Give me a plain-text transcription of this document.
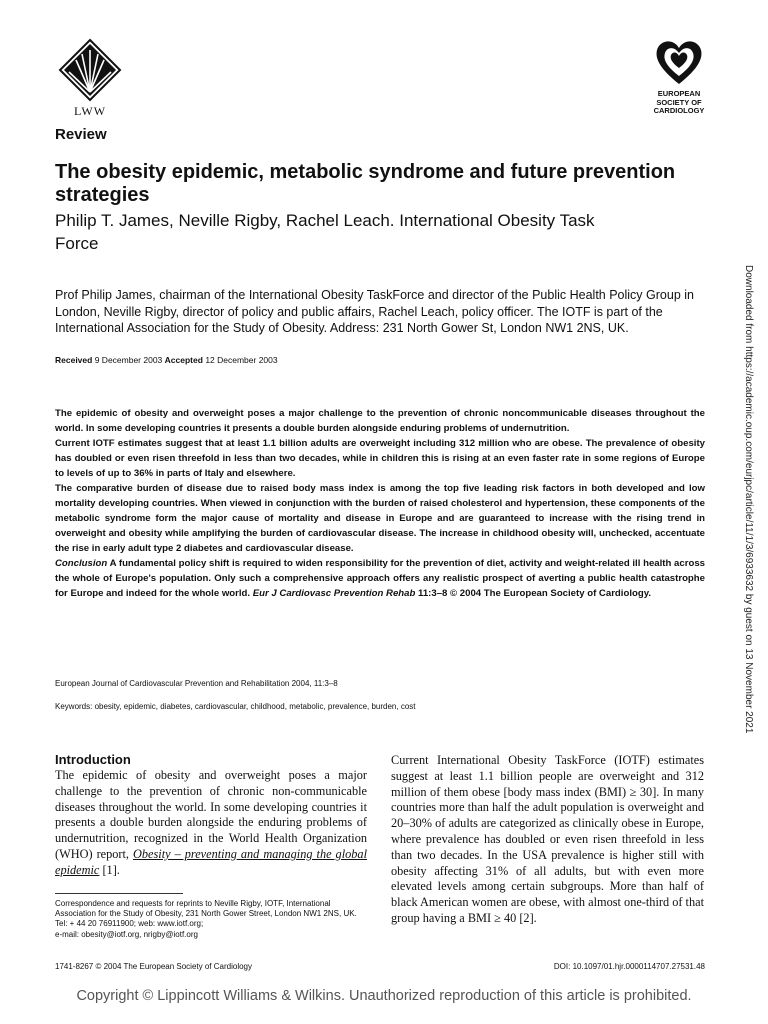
LWW
EUROPEAN
SOCIETY OF
CARDIOLOGY
Review
The obesity epidemic, metabolic syndrome and future prevention strategies
Philip T. James, Neville Rigby, Rachel Leach. International Obesity Task Force
Prof Philip James, chairman of the International Obesity TaskForce and director of the Public Health Policy Group in London, Neville Rigby, director of policy and public affairs, Rachel Leach, policy officer. The IOTF is part of the International Association for the Study of Obesity. Address: 231 North Gower St, London NW1 2NS, UK.
Received 9 December 2003 Accepted 12 December 2003

The epidemic of obesity and overweight poses a major challenge to the prevention of chronic noncommunicable diseases throughout the world. In some developing countries it presents a double burden alongside enduring problems of undernutrition.

Current IOTF estimates suggest that at least 1.1 billion adults are overweight including 312 million who are obese. The prevalence of obesity has doubled or even risen threefold in less than two decades, while in children this is rising at an even faster rate in some regions of Europe to levels of up to 36% in parts of Italy and elsewhere.

The comparative burden of disease due to raised body mass index is among the top five leading risk factors in both developed and low mortality developing countries. When viewed in conjunction with the burden of raised cholesterol and hypertension, these components of the metabolic syndrome form the major cause of mortality and disease in Europe and are guaranteed to increase with the rising trend in overweight and obesity while amplifying the burden of cardiovascular disease. The increase in childhood obesity will, unchecked, accentuate the rise in early adult type 2 diabetes and cardiovascular disease.

Conclusion A fundamental policy shift is required to widen responsibility for the prevention of diet, activity and weight-related ill health across the whole of Europe's population. Only such a comprehensive approach offers any realistic prospect of averting a public health catastrophe for Europe and indeed for the whole world. Eur J Cardiovasc Prevention Rehab 11:3–8 © 2004 The European Society of Cardiology.

European Journal of Cardiovascular Prevention and Rehabilitation 2004, 11:3–8
Keywords: obesity, epidemic, diabetes, cardiovascular, childhood, metabolic, prevalence, burden, cost
Introduction
The epidemic of obesity and overweight poses a major challenge to the prevention of chronic non-communicable diseases throughout the world. In some developing countries it presents a double burden alongside the enduring problems of undernutrition, recognized in the World Health Organization (WHO) report, Obesity – preventing and managing the global epidemic [1].
Current International Obesity TaskForce (IOTF) estimates suggest at least 1.1 billion people are overweight and 312 million of them obese [body mass index (BMI) ≥ 30]. In many countries more than half the adult population is overweight and 20–30% of adults are categorized as clinically obese in Europe, where prevalence has doubled or even risen threefold in less than two decades. In the USA prevalence is higher still with obesity affecting 31% of all adults, but with even more elevated levels among certain subgroups. More than half of black American women are obese, with almost one-third of that group having a BMI ≥ 40 [2].
Correspondence and requests for reprints to Neville Rigby, IOTF, International Association for the Study of Obesity, 231 North Gower Street, London NW1 2NS, UK.
Tel: + 44 20 76911900; web: www.iotf.org;
e-mail: obesity@iotf.org, nrigby@iotf.org
1741-8267 © 2004 The European Society of Cardiology	DOI: 10.1097/01.hjr.0000114707.27531.48
Copyright © Lippincott Williams & Wilkins. Unauthorized reproduction of this article is prohibited.
Downloaded from https://academic.oup.com/eurjpc/article/11/1/3/6933632 by guest on 13 November 2021
